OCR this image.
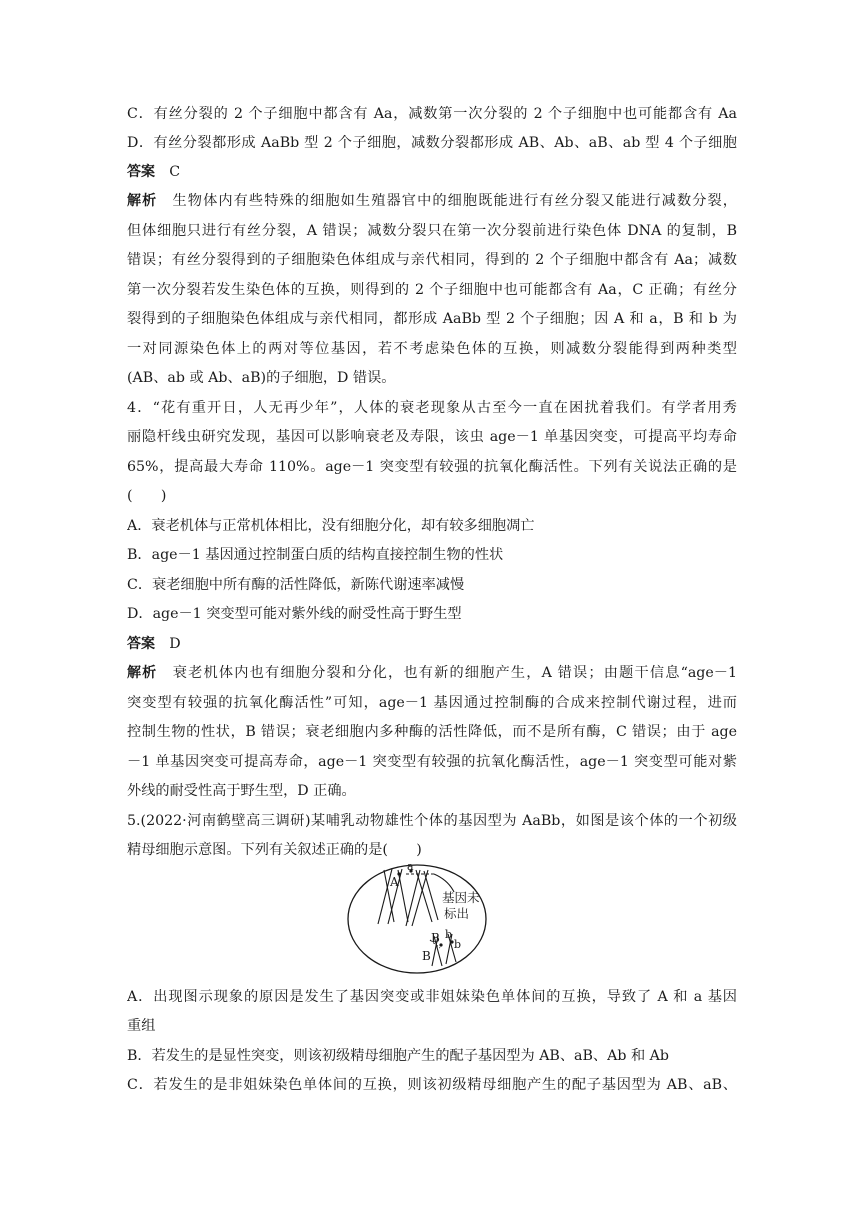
C．有丝分裂的 2 个子细胞中都含有 Aa，减数第一次分裂的 2 个子细胞中也可能都含有 Aa
D．有丝分裂都形成 AaBb 型 2 个子细胞，减数分裂都形成 AB、Ab、aB、ab 型 4 个子细胞
答案　 C
解析　 生物体内有些特殊的细胞如生殖器官中的细胞既能进行有丝分裂又能进行减数分裂，
但体细胞只进行有丝分裂，A 错误；减数分裂只在第一次分裂前进行染色体 DNA 的复制，B
错误；有丝分裂得到的子细胞染色体组成与亲代相同，得到的 2 个子细胞中都含有 Aa；减数
第一次分裂若发生染色体的互换，则得到的 2 个子细胞中也可能都含有 Aa，C 正确；有丝分
裂得到的子细胞染色体组成与亲代相同，都形成 AaBb 型 2 个子细胞；因 A 和 a，B 和 b 为
一对同源染色体上的两对等位基因，若不考虑染色体的互换，则减数分裂能得到两种类型
(AB、ab 或 Ab、aB)的子细胞，D 错误。
4．“花有重开日，人无再少年”，人体的衰老现象从古至今一直在困扰着我们。有学者用秀
丽隐杆线虫研究发现，基因可以影响衰老及寿限，该虫 age－1 单基因突变，可提高平均寿命
65%，提高最大寿命 110%。age－1 突变型有较强的抗氧化酶活性。下列有关说法正确的是
(　　)
A．衰老机体与正常机体相比，没有细胞分化，却有较多细胞凋亡
B．age－1 基因通过控制蛋白质的结构直接控制生物的性状
C．衰老细胞中所有酶的活性降低，新陈代谢速率减慢
D．age－1 突变型可能对紫外线的耐受性高于野生型
答案　 D
解析　 衰老机体内也有细胞分裂和分化，也有新的细胞产生，A 错误；由题干信息“age－1
突变型有较强的抗氧化酶活性”可知，age－1 基因通过控制酶的合成来控制代谢过程，进而
控制生物的性状，B 错误；衰老细胞内多种酶的活性降低，而不是所有酶，C 错误；由于 age
－1 单基因突变可提高寿命，age－1 突变型有较强的抗氧化酶活性，age－1 突变型可能对紫
外线的耐受性高于野生型，D 正确。
5.(2022·河南鹤壁高三调研)某哺乳动物雄性个体的基因型为 AaBb，如图是该个体的一个初级
精母细胞示意图。下列有关叙述正确的是(　　)
A
a
B b
b
B
基因未
标出
A．出现图示现象的原因是发生了基因突变或非姐妹染色单体间的互换，导致了 A 和 a 基因
重组
B．若发生的是显性突变，则该初级精母细胞产生的配子基因型为 AB、aB、Ab 和 Ab
C．若发生的是非姐妹染色单体间的互换，则该初级精母细胞产生的配子基因型为 AB、aB、
